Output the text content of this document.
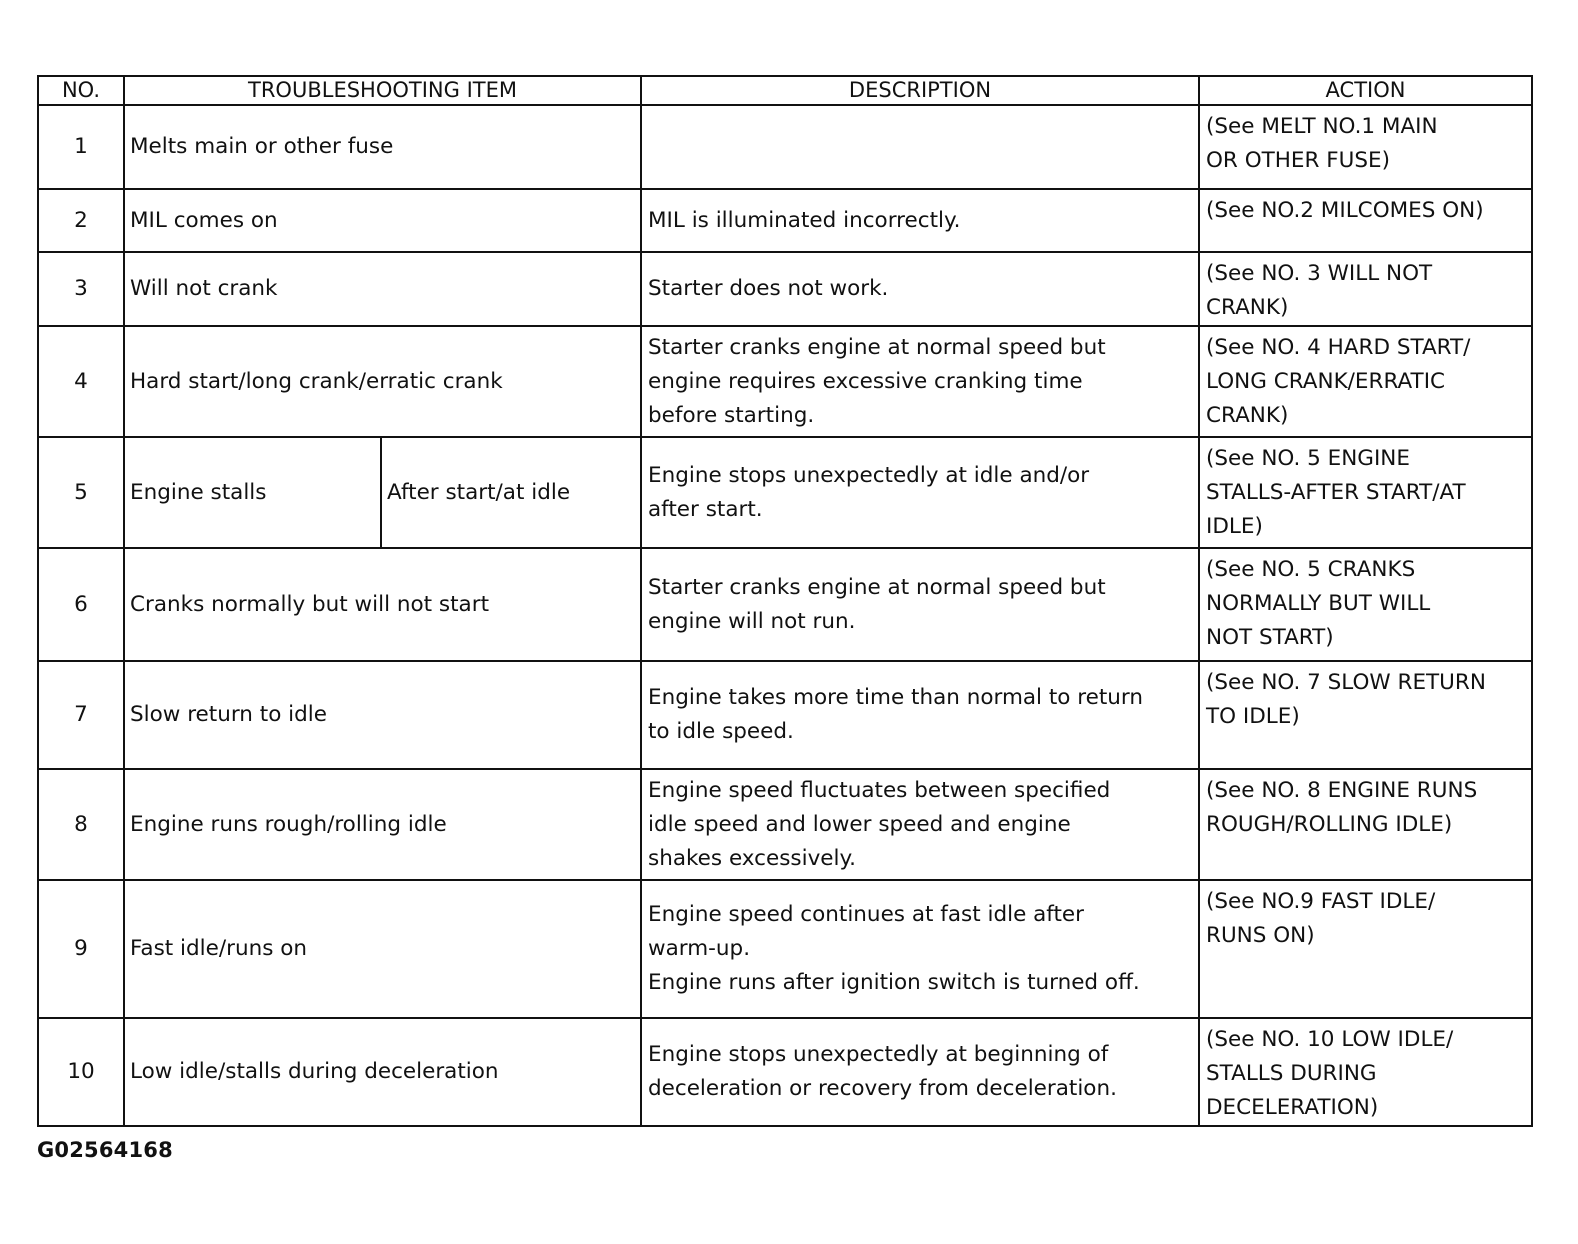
NO.	TROUBLESHOOTING ITEM		DESCRIPTION	ACTION
1	Melts main or other fuse			(See MELT NO.1 MAIN
OR OTHER FUSE)

2	MIL comes on		MIL is illuminated incorrectly.	(See NO.2 MILCOMES ON)

3	Will not crank		Starter does not work.	(See NO. 3 WILL NOT
CRANK)

4	Hard start/long crank/erratic crank		Starter cranks engine at normal speed but
engine requires excessive cranking time
before starting.	(See NO. 4 HARD START/
LONG CRANK/ERRATIC
CRANK)

5	Engine stalls	After start/at idle	Engine stops unexpectedly at idle and/or
after start.	(See NO. 5 ENGINE
STALLS-AFTER START/AT
IDLE)

6	Cranks normally but will not start		Starter cranks engine at normal speed but
engine will not run.	(See NO. 5 CRANKS
NORMALLY BUT WILL
NOT START)

7	Slow return to idle		Engine takes more time than normal to return
to idle speed.	(See NO. 7 SLOW RETURN
TO IDLE)

8	Engine runs rough/rolling idle		Engine speed fluctuates between specified
idle speed and lower speed and engine
shakes excessively.	(See NO. 8 ENGINE RUNS
ROUGH/ROLLING IDLE)

9	Fast idle/runs on		Engine speed continues at fast idle after
warm-up.
Engine runs after ignition switch is turned off.	(See NO.9 FAST IDLE/
RUNS ON)

10	Low idle/stalls during deceleration		Engine stops unexpectedly at beginning of
deceleration or recovery from deceleration.	(See NO. 10 LOW IDLE/
STALLS DURING
DECELERATION)
G02564168
